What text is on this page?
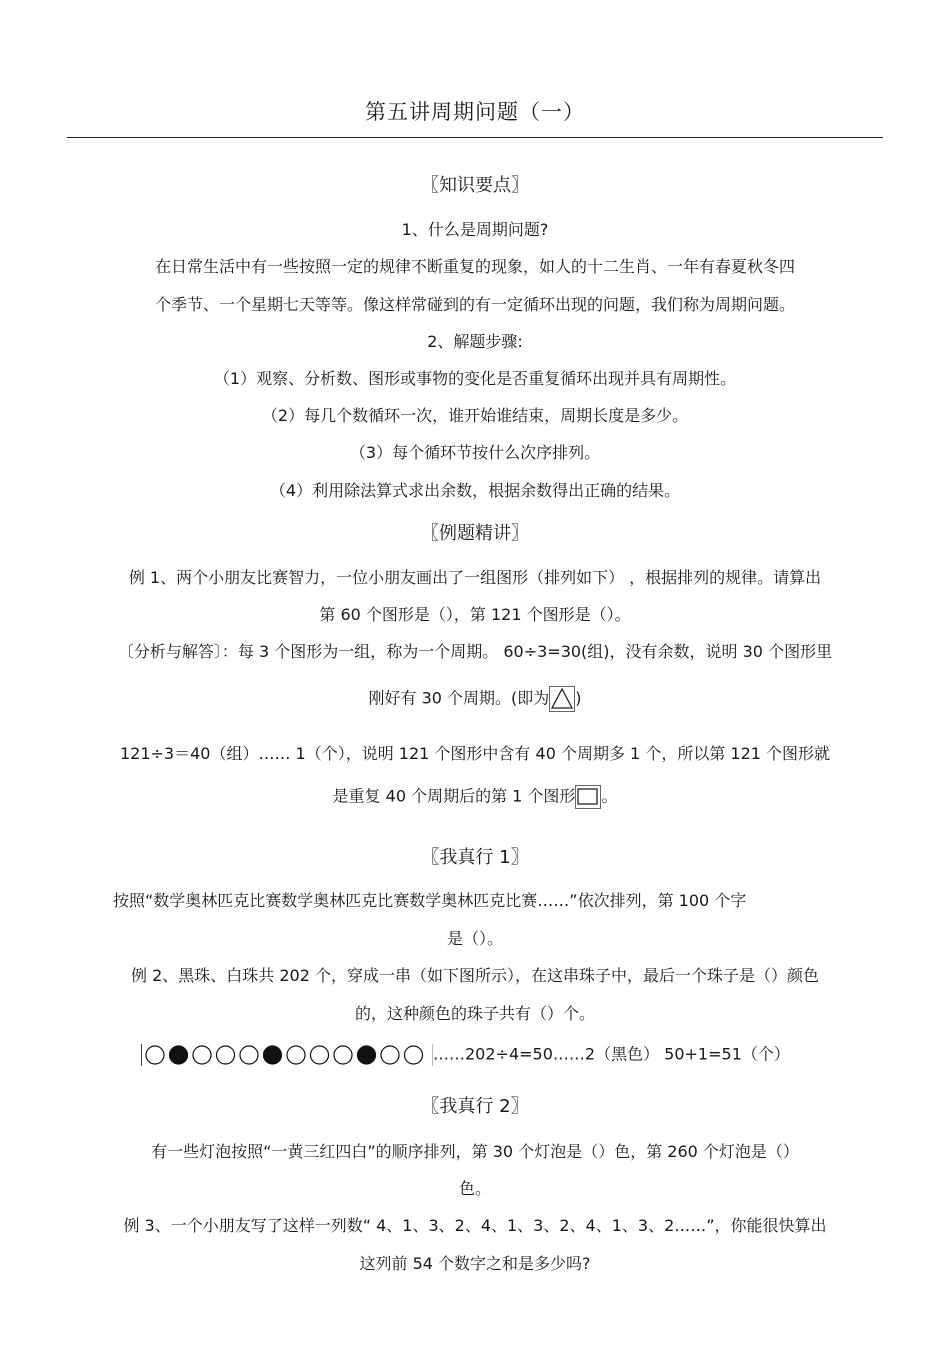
第五讲周期问题（一）
〖知识要点〗
1、什么是周期问题?
在日常生活中有一些按照一定的规律不断重复的现象，如人的十二生肖、一年有春夏秋冬四
个季节、一个星期七天等等。像这样常碰到的有一定循环出现的问题，我们称为周期问题。
2、解题步骤:
（1）观察、分析数、图形或事物的变化是否重复循环出现并具有周期性。
（2）每几个数循环一次，谁开始谁结束，周期长度是多少。
（3）每个循环节按什么次序排列。
（4）利用除法算式求出余数，根据余数得出正确的结果。
〖例题精讲〗
例 1、两个小朋友比赛智力，一位小朋友画出了一组图形（排列如下） ，根据排列的规律。请算出
第 60 个图形是（），第 121 个图形是（）。
〔分析与解答〕：每 3 个图形为一组，称为一个周期。 60÷3=30(组)，没有余数，说明 30 个图形里
刚好有 30 个周期。(即为 )
121÷3＝40（组）…… 1（个），说明 121 个图形中含有 40 个周期多 1 个，所以第 121 个图形就
是重复 40 个周期后的第 1 个图形 。
〖我真行 1〗
按照“数学奥林匹克比赛数学奥林匹克比赛数学奥林匹克比赛……”依次排列，第 100 个字
是（）。
例 2、黑珠、白珠共 202 个，穿成一串（如下图所示），在这串珠子中，最后一个珠子是（）颜色
的，这种颜色的珠子共有（）个。
……202÷4=50……2（黑色） 50+1=51（个）
〖我真行 2〗
有一些灯泡按照“一黄三红四白”的顺序排列，第 30 个灯泡是（）色，第 260 个灯泡是（）
色。
例 3、一个小朋友写了这样一列数“ 4、1、3、2、4、1、3、2、4、1、3、2……”，你能很快算出
这列前 54 个数字之和是多少吗?
